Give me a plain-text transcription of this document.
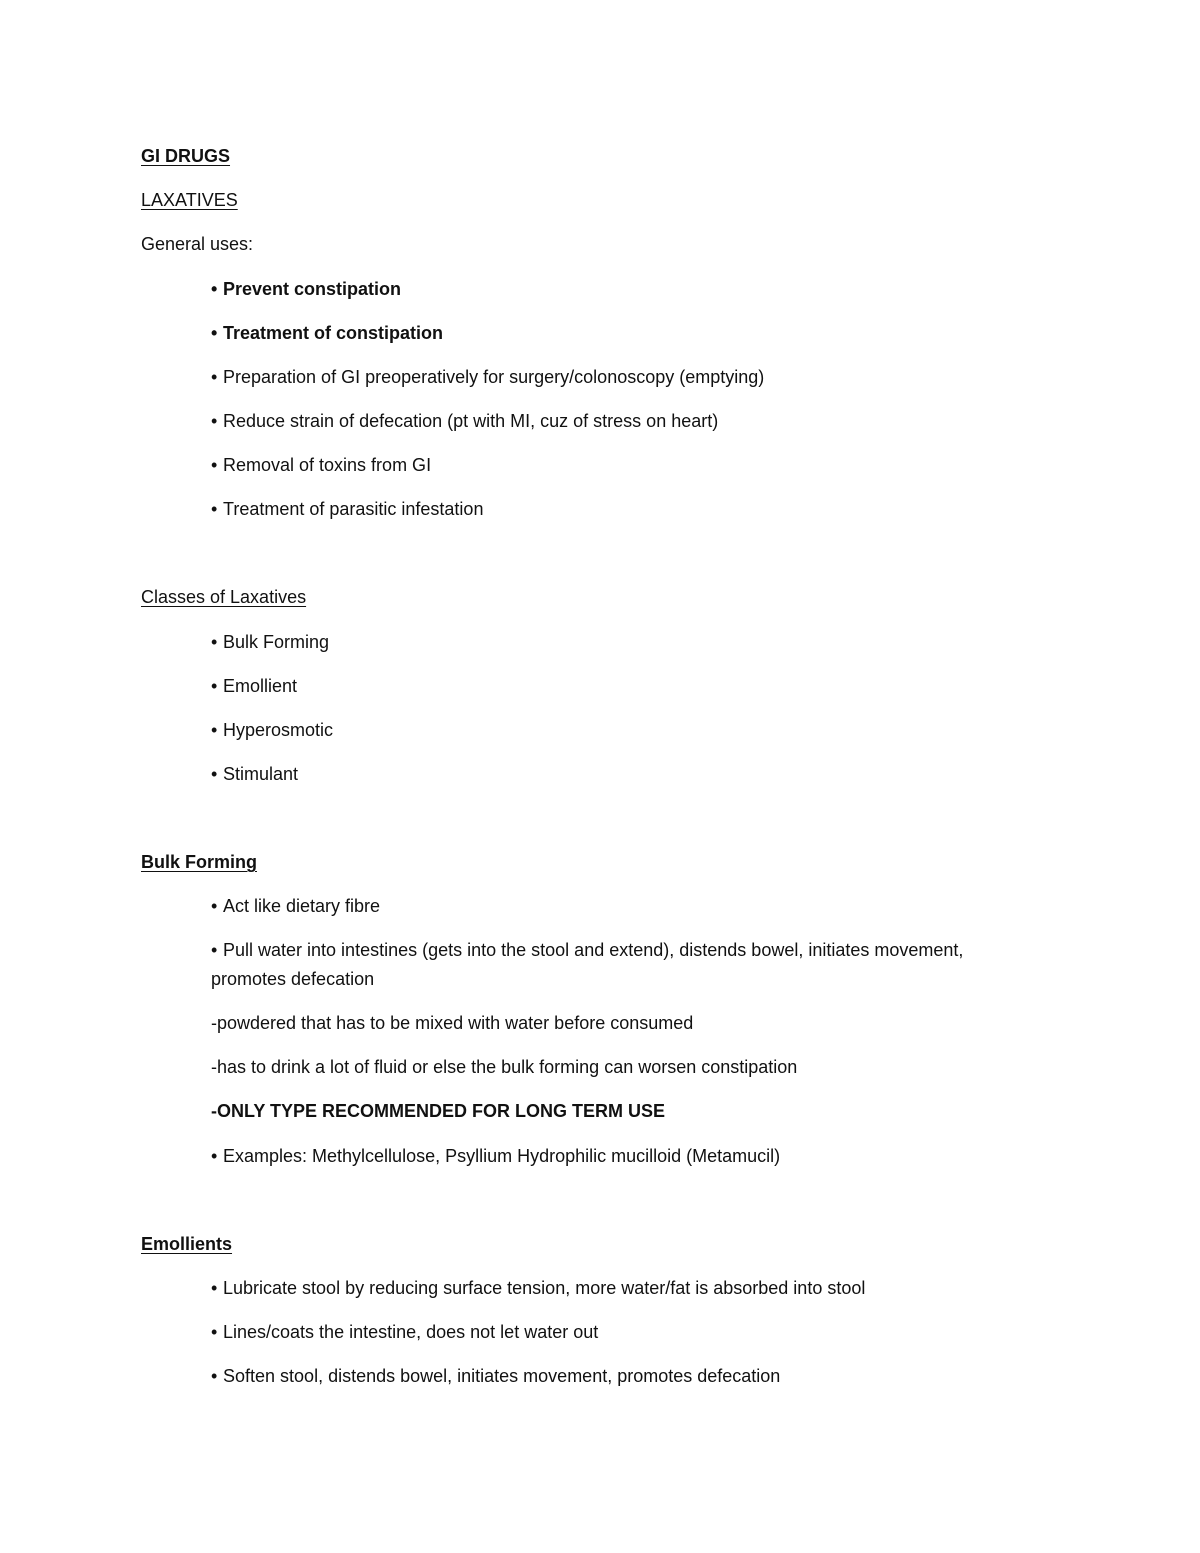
GI DRUGS
LAXATIVES
General uses:
• Prevent constipation
• Treatment of constipation
• Preparation of GI preoperatively for surgery/colonoscopy (emptying)
• Reduce strain of defecation (pt with MI, cuz of stress on heart)
• Removal of toxins from GI
• Treatment of parasitic infestation
Classes of Laxatives
• Bulk Forming
• Emollient
• Hyperosmotic
• Stimulant
Bulk Forming
• Act like dietary fibre
• Pull water into intestines (gets into the stool and extend), distends bowel, initiates movement,
promotes defecation
-powdered that has to be mixed with water before consumed
-has to drink a lot of fluid or else the bulk forming can worsen constipation
-ONLY TYPE RECOMMENDED FOR LONG TERM USE
• Examples: Methylcellulose, Psyllium Hydrophilic mucilloid (Metamucil)
Emollients
• Lubricate stool by reducing surface tension, more water/fat is absorbed into stool
• Lines/coats the intestine, does not let water out
• Soften stool, distends bowel, initiates movement, promotes defecation
